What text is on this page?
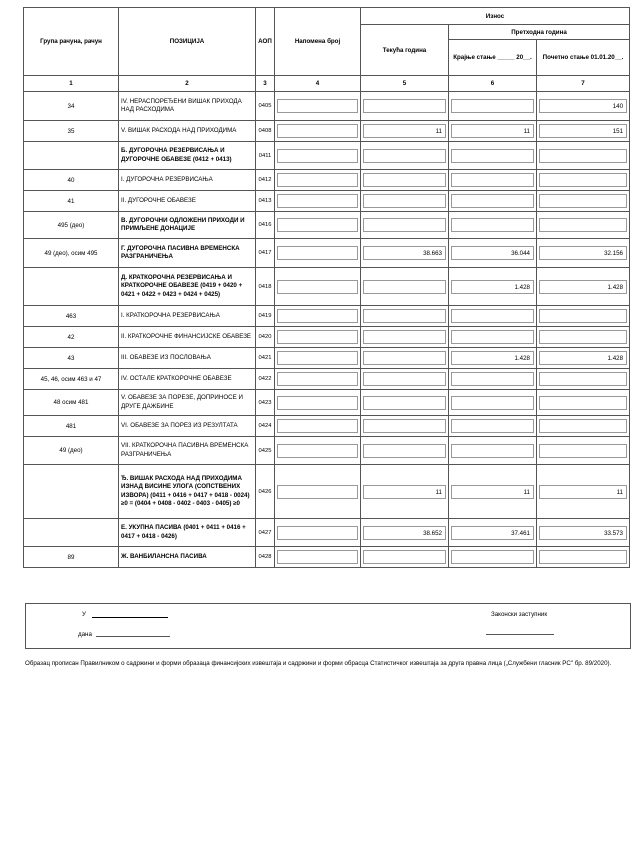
Група рачуна, рачун	ПОЗИЦИЈА	АОП	Напомена број	Износ		
				Текућа година	Претходна година	
					Крајње стање _____ 20__.	Почетно стање 01.01.20__.
1	2	3	4	5	6	7
34	IV. НЕРАСПОРЕЂЕНИ ВИШАК ПРИХОДА НАД РАСХОДИМА	0405				140

35	V. ВИШАК РАСХОДА НАД ПРИХОДИМА	0408		11	11	151

	Б. ДУГОРОЧНА РЕЗЕРВИСАЊА И ДУГОРОЧНЕ ОБАВЕЗЕ (0412 + 0413)	0411	

40	I. ДУГОРОЧНА РЕЗЕРВИСАЊА	0412	

41	II. ДУГОРОЧНЕ ОБАВЕЗЕ	0413	

495 (део)	В. ДУГОРОЧНИ ОДЛОЖЕНИ ПРИХОДИ И ПРИМЉЕНЕ ДОНАЦИЈЕ	0416	

49 (део), осим 495	Г. ДУГОРОЧНА ПАСИВНА ВРЕМЕНСКА РАЗГРАНИЧЕЊА	0417		38.663	36.044	32.156

	Д. КРАТКОРОЧНА РЕЗЕРВИСАЊА И КРАТКОРОЧНЕ ОБАВЕЗЕ (0419 + 0420 + 0421 + 0422 + 0423 + 0424 + 0425)	0418			1.428	1.428

463	I. КРАТКОРОЧНА РЕЗЕРВИСАЊА	0419	

42	II. КРАТКОРОЧНЕ ФИНАНСИЈСКЕ ОБАВЕЗЕ	0420	

43	III. ОБАВЕЗЕ ИЗ ПОСЛОВАЊА	0421			1.428	1.428

45, 46, осим 463 и 47	IV. ОСТАЛЕ КРАТКОРОЧНЕ ОБАВЕЗЕ	0422	

48 осим 481	V. ОБАВЕЗЕ ЗА ПОРЕЗЕ, ДОПРИНОСЕ И ДРУГЕ ДАЖБИНЕ	0423	

481	VI. ОБАВЕЗЕ ЗА ПОРЕЗ ИЗ РЕЗУЛТАТА	0424	

49 (део)	VII. КРАТКОРОЧНА ПАСИВНА ВРЕМЕНСКА РАЗГРАНИЧЕЊА	0425	

	Ђ. ВИШАК РАСХОДА НАД ПРИХОДИМА ИЗНАД ВИСИНЕ УЛОГА (СОПСТВЕНИХ ИЗВОРА) (0411 + 0416 + 0417 + 0418 - 0024) ≥0 = (0404 + 0408 - 0402 - 0403 - 0405) ≥0	0426		11	11	11

	Е. УКУПНА ПАСИВА (0401 + 0411 + 0416 + 0417 + 0418 - 0426)	0427		38.652	37.461	33.573

89	Ж. ВАНБИЛАНСНА ПАСИВА	0428	

У
дана
Законски заступник
Образац прописан Правилником о садржини и форми образаца финансијских извештаја и садржини и форми обрасца Статистичког извештаја за друга правна лица („Службени гласник РС" бр. 89/2020).
